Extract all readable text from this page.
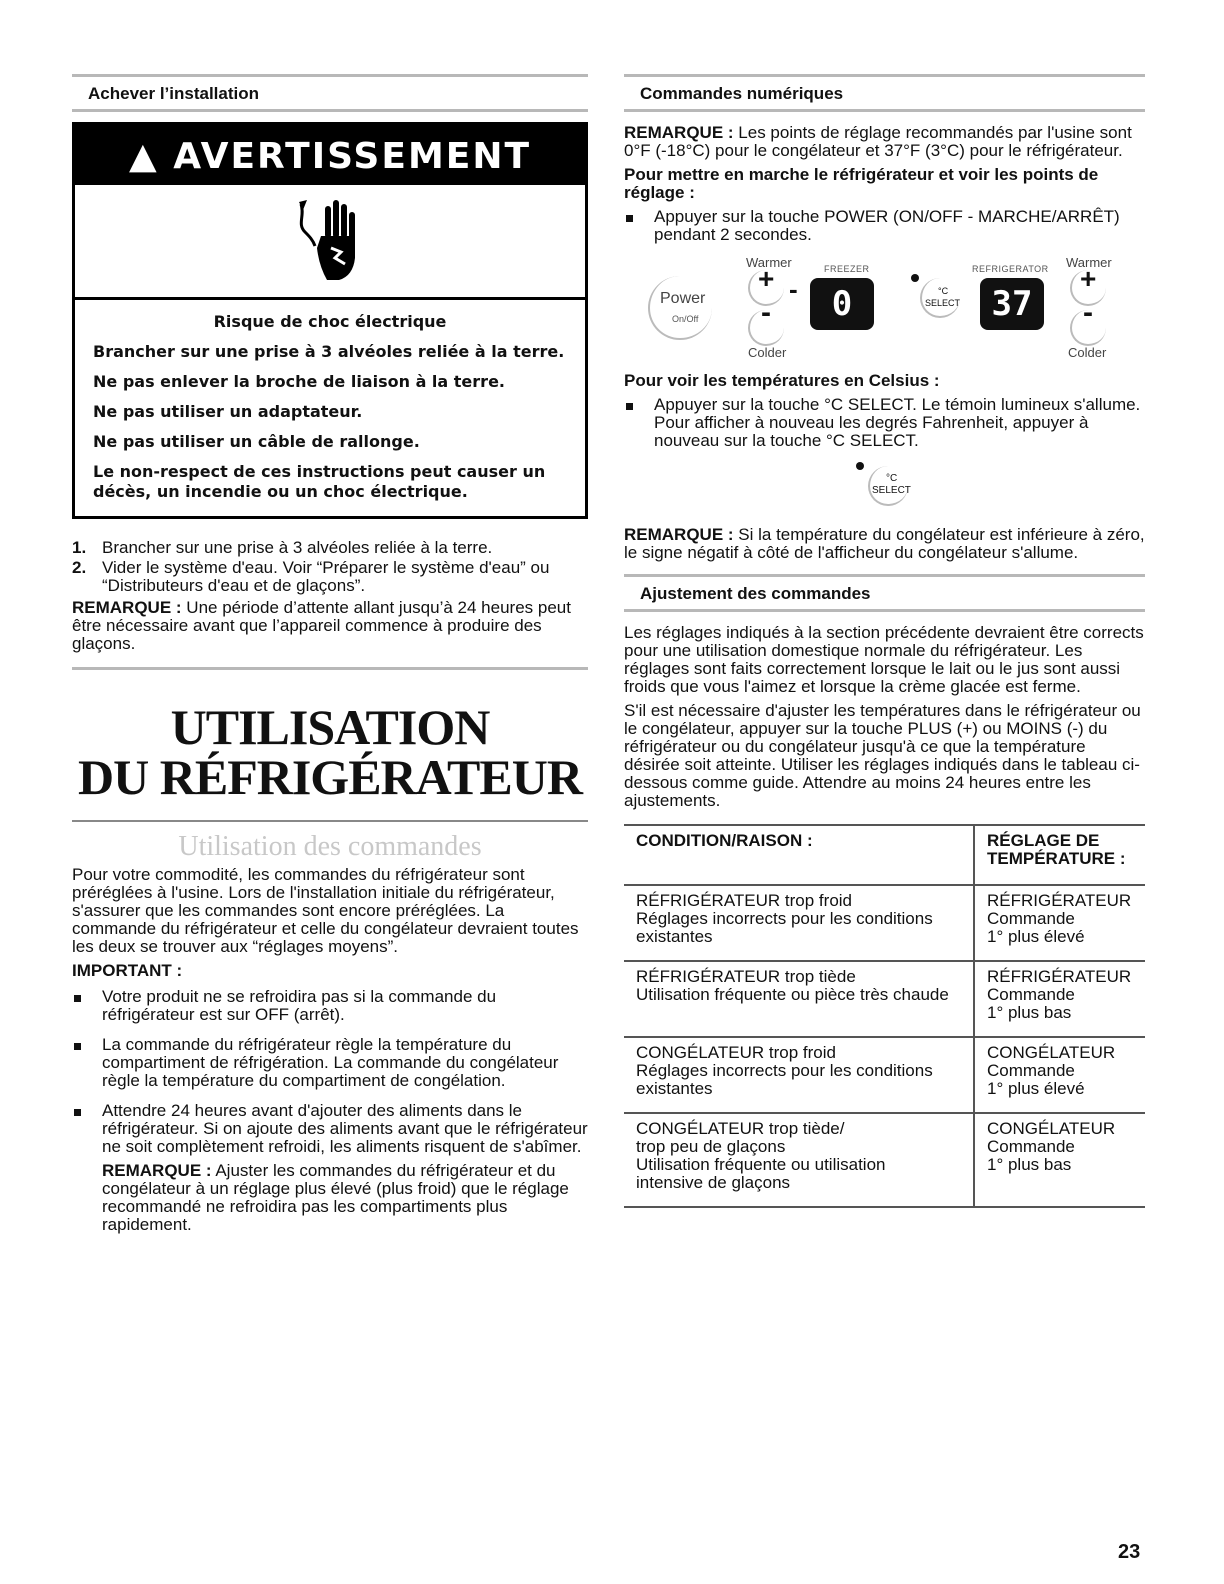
Achever l’installation
▲ AVERTISSEMENT
Risque de choc électrique
Brancher sur une prise à 3 alvéoles reliée à la terre.
Ne pas enlever la broche de liaison à la terre.
Ne pas utiliser un adaptateur.
Ne pas utiliser un câble de rallonge.
Le non-respect de ces instructions peut causer un décès, un incendie ou un choc électrique.
1. Brancher sur une prise à 3 alvéoles reliée à la terre.
2. Vider le système d'eau. Voir “Préparer le système d'eau” ou “Distributeurs d'eau et de glaçons”.

REMARQUE : Une période d’attente allant jusqu’à 24 heures peut être nécessaire avant que l’appareil commence à produire des glaçons.

UTILISATION
DU RÉFRIGÉRATEUR
Utilisation des commandes

Pour votre commodité, les commandes du réfrigérateur sont préréglées à l'usine. Lors de l'installation initiale du réfrigérateur, s'assurer que les commandes sont encore préréglées. La commande du réfrigérateur et celle du congélateur devraient toutes les deux se trouver aux “réglages moyens”.

IMPORTANT :

Votre produit ne se refroidira pas si la commande du réfrigérateur est sur OFF (arrêt).
La commande du réfrigérateur règle la température du compartiment de réfrigération. La commande du congélateur règle la température du compartiment de congélation.
Attendre 24 heures avant d'ajouter des aliments dans le réfrigérateur. Si on ajoute des aliments avant que le réfrigérateur ne soit complètement refroidi, les aliments risquent de s'abîmer.

REMARQUE : Ajuster les commandes du réfrigérateur et du congélateur à un réglage plus élevé (plus froid) que le réglage recommandé ne refroidira pas les compartiments plus rapidement.

Commandes numériques

REMARQUE : Les points de réglage recommandés par l'usine sont 0°F (-18°C) pour le congélateur et 37°F (3°C) pour le réfrigérateur.

Pour mettre en marche le réfrigérateur et voir les points de réglage :

Appuyer sur la touche POWER (ON/OFF - MARCHE/ARRÊT) pendant 2 secondes.
Warmer	FREEZER	REFRIGERATOR Warmer
Power
On/Off
+
-
-	0	°C
SELECT 37
+
-
Colder	Colder

Pour voir les températures en Celsius :

Appuyer sur la touche °C SELECT. Le témoin lumineux s'allume. Pour afficher à nouveau les degrés Fahrenheit, appuyer à nouveau sur la touche °C SELECT.
°C
SELECT

REMARQUE : Si la température du congélateur est inférieure à zéro, le signe négatif à côté de l'afficheur du congélateur s'allume.

Ajustement des commandes

Les réglages indiqués à la section précédente devraient être corrects pour une utilisation domestique normale du réfrigérateur. Les réglages sont faits correctement lorsque le lait ou le jus sont aussi froids que vous l'aimez et lorsque la crème glacée est ferme.

S'il est nécessaire d'ajuster les températures dans le réfrigérateur ou le congélateur, appuyer sur la touche PLUS (+) ou MOINS (-) du réfrigérateur ou du congélateur jusqu'à ce que la température désirée soit atteinte. Utiliser les réglages indiqués dans le tableau ci-dessous comme guide. Attendre au moins 24 heures entre les ajustements.

CONDITION/RAISON :	RÉGLAGE DE
TEMPÉRATURE :

RÉFRIGÉRATEUR trop froid
Réglages incorrects pour les conditions
existantes	RÉFRIGÉRATEUR
Commande
1° plus élevé

RÉFRIGÉRATEUR trop tiède
Utilisation fréquente ou pièce très chaude	RÉFRIGÉRATEUR
Commande
1° plus bas

CONGÉLATEUR trop froid
Réglages incorrects pour les conditions
existantes	CONGÉLATEUR
Commande
1° plus élevé

CONGÉLATEUR trop tiède/
trop peu de glaçons
Utilisation fréquente ou utilisation
intensive de glaçons	CONGÉLATEUR
Commande
1° plus bas
23
